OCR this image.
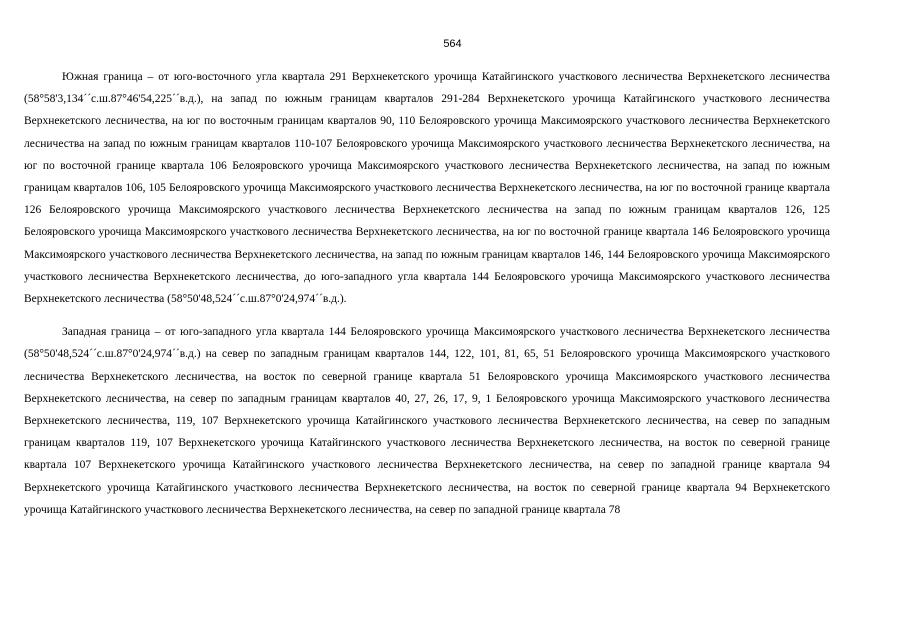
564

Южная граница – от юго-восточного угла квартала 291 Верхнекетского урочища Катайгинского участкового лесничества Верхнекетского лесничества (58°58'3,134´´с.ш.87°46'54,225´´в.д.), на запад по южным границам кварталов 291-284 Верхнекетского урочища Катайгинского участкового лесничества Верхнекетского лесничества, на юг по восточным границам кварталов 90, 110 Белояровского урочища Максимоярского участкового лесничества Верхнекетского лесничества на запад по южным границам кварталов 110-107 Белояровского урочища Максимоярского участкового лесничества Верхнекетского лесничества, на юг по восточной границе квартала 106 Белояровского урочища Максимоярского участкового лесничества Верхнекетского лесничества, на запад по южным границам кварталов 106, 105 Белояровского урочища Максимоярского участкового лесничества Верхнекетского лесничества, на юг по восточной границе квартала 126 Белояровского урочища Максимоярского участкового лесничества Верхнекетского лесничества на запад по южным границам кварталов 126, 125 Белояровского урочища Максимоярского участкового лесничества Верхнекетского лесничества, на юг по восточной границе квартала 146 Белояровского урочища Максимоярского участкового лесничества Верхнекетского лесничества, на запад по южным границам кварталов 146, 144 Белояровского урочища Максимоярского участкового лесничества Верхнекетского лесничества, до юго-западного угла квартала 144 Белояровского урочища Максимоярского участкового лесничества Верхнекетского лесничества (58°50'48,524´´с.ш.87°0'24,974´´в.д.).

Западная граница – от юго-западного угла квартала 144 Белояровского урочища Максимоярского участкового лесничества Верхнекетского лесничества (58°50'48,524´´с.ш.87°0'24,974´´в.д.) на север по западным границам кварталов 144, 122, 101, 81, 65, 51 Белояровского урочища Максимоярского участкового лесничества Верхнекетского лесничества, на восток по северной границе квартала 51 Белояровского урочища Максимоярского участкового лесничества Верхнекетского лесничества, на север по западным границам кварталов 40, 27, 26, 17, 9, 1 Белояровского урочища Максимоярского участкового лесничества Верхнекетского лесничества, 119, 107 Верхнекетского урочища Катайгинского участкового лесничества Верхнекетского лесничества, на север по западным границам кварталов 119, 107 Верхнекетского урочища Катайгинского участкового лесничества Верхнекетского лесничества, на восток по северной границе квартала 107 Верхнекетского урочища Катайгинского участкового лесничества Верхнекетского лесничества, на север по западной границе квартала 94 Верхнекетского урочища Катайгинского участкового лесничества Верхнекетского лесничества, на восток по северной границе квартала 94 Верхнекетского урочища Катайгинского участкового лесничества Верхнекетского лесничества, на север по западной границе квартала 78
